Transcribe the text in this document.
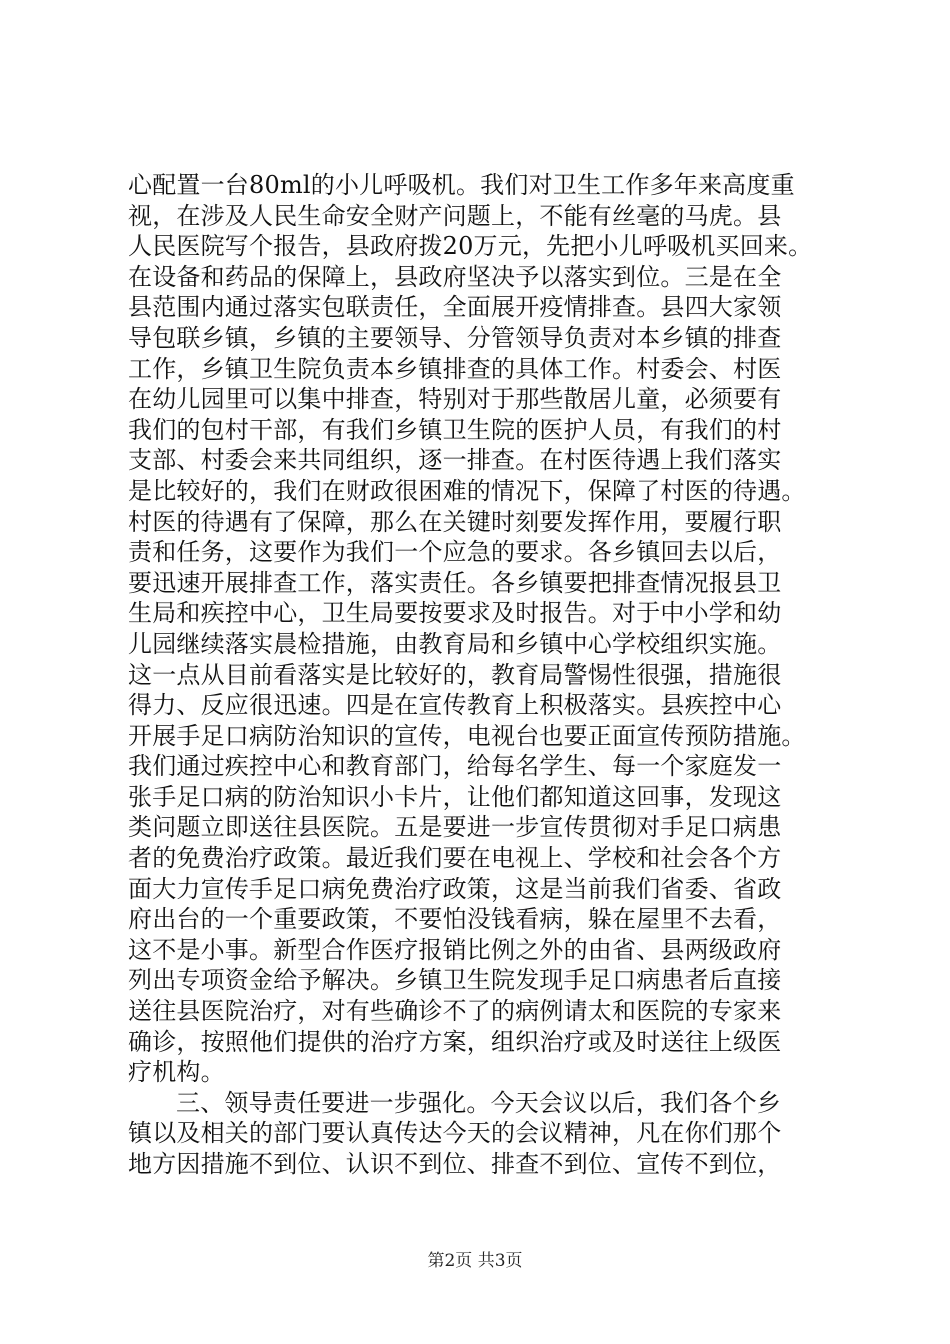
心配置一台80ml的小儿呼吸机。我们对卫生工作多年来高度重
视，在涉及人民生命安全财产问题上，不能有丝毫的马虎。县
人民医院写个报告，县政府拨20万元，先把小儿呼吸机买回来。
在设备和药品的保障上，县政府坚决予以落实到位。三是在全
县范围内通过落实包联责任，全面展开疫情排查。县四大家领
导包联乡镇，乡镇的主要领导、分管领导负责对本乡镇的排查
工作，乡镇卫生院负责本乡镇排查的具体工作。村委会、村医
在幼儿园里可以集中排查，特别对于那些散居儿童，必须要有
我们的包村干部，有我们乡镇卫生院的医护人员，有我们的村
支部、村委会来共同组织，逐一排查。在村医待遇上我们落实
是比较好的，我们在财政很困难的情况下，保障了村医的待遇。
村医的待遇有了保障，那么在关键时刻要发挥作用，要履行职
责和任务，这要作为我们一个应急的要求。各乡镇回去以后，
要迅速开展排查工作，落实责任。各乡镇要把排查情况报县卫
生局和疾控中心，卫生局要按要求及时报告。对于中小学和幼
儿园继续落实晨检措施，由教育局和乡镇中心学校组织实施。
这一点从目前看落实是比较好的，教育局警惕性很强，措施很
得力、反应很迅速。四是在宣传教育上积极落实。县疾控中心
开展手足口病防治知识的宣传，电视台也要正面宣传预防措施。
我们通过疾控中心和教育部门，给每名学生、每一个家庭发一
张手足口病的防治知识小卡片，让他们都知道这回事，发现这
类问题立即送往县医院。五是要进一步宣传贯彻对手足口病患
者的免费治疗政策。最近我们要在电视上、学校和社会各个方
面大力宣传手足口病免费治疗政策，这是当前我们省委、省政
府出台的一个重要政策，不要怕没钱看病，躲在屋里不去看，
这不是小事。新型合作医疗报销比例之外的由省、县两级政府
列出专项资金给予解决。乡镇卫生院发现手足口病患者后直接
送往县医院治疗，对有些确诊不了的病例请太和医院的专家来
确诊，按照他们提供的治疗方案，组织治疗或及时送往上级医
疗机构。
三、领导责任要进一步强化。今天会议以后，我们各个乡
镇以及相关的部门要认真传达今天的会议精神，凡在你们那个
地方因措施不到位、认识不到位、排查不到位、宣传不到位，
第2页 共3页
